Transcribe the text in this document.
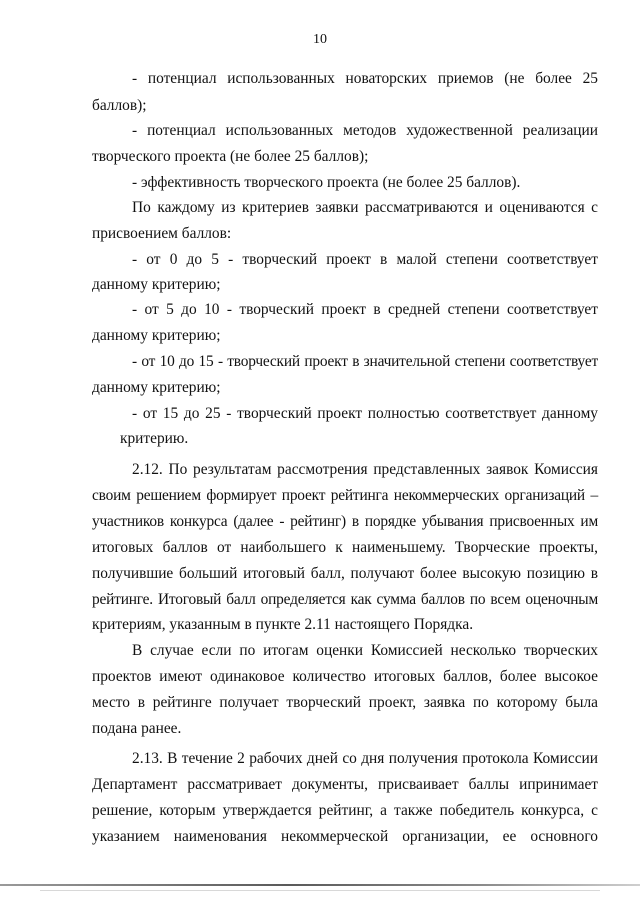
10
- потенциал использованных новаторских приемов (не более 25
баллов);
- потенциал использованных методов художественной реализации
творческого проекта (не более 25 баллов);
- эффективность творческого проекта (не более 25 баллов).
По каждому из критериев заявки рассматриваются и оцениваются с
присвоением баллов:
- от 0 до 5 - творческий проект в малой степени соответствует
данному критерию;
- от 5 до 10 - творческий проект в средней степени соответствует
данному критерию;
- от 10 до 15 - творческий проект в значительной степени соответствует
данному критерию;
- от 15 до 25 - творческий проект полностью соответствует данному
критерию.
2.12. По результатам рассмотрения представленных заявок Комиссия
своим решением формирует проект рейтинга некоммерческих организаций –
участников конкурса (далее - рейтинг) в порядке убывания присвоенных им
итоговых баллов от наибольшего к наименьшему. Творческие проекты,
получившие больший итоговый балл, получают более высокую позицию в
рейтинге. Итоговый балл определяется как сумма баллов по всем оценочным
критериям, указанным в пункте 2.11 настоящего Порядка.
В случае если по итогам оценки Комиссией несколько творческих
проектов имеют одинаковое количество итоговых баллов, более высокое
место в рейтинге получает творческий проект, заявка по которому была
подана ранее.
2.13. В течение 2 рабочих дней со дня получения протокола Комиссии
Департамент рассматривает документы, присваивает баллы ипринимает
решение, которым утверждается рейтинг, а также победитель конкурса, с
указанием наименования некоммерческой организации, ее основного
